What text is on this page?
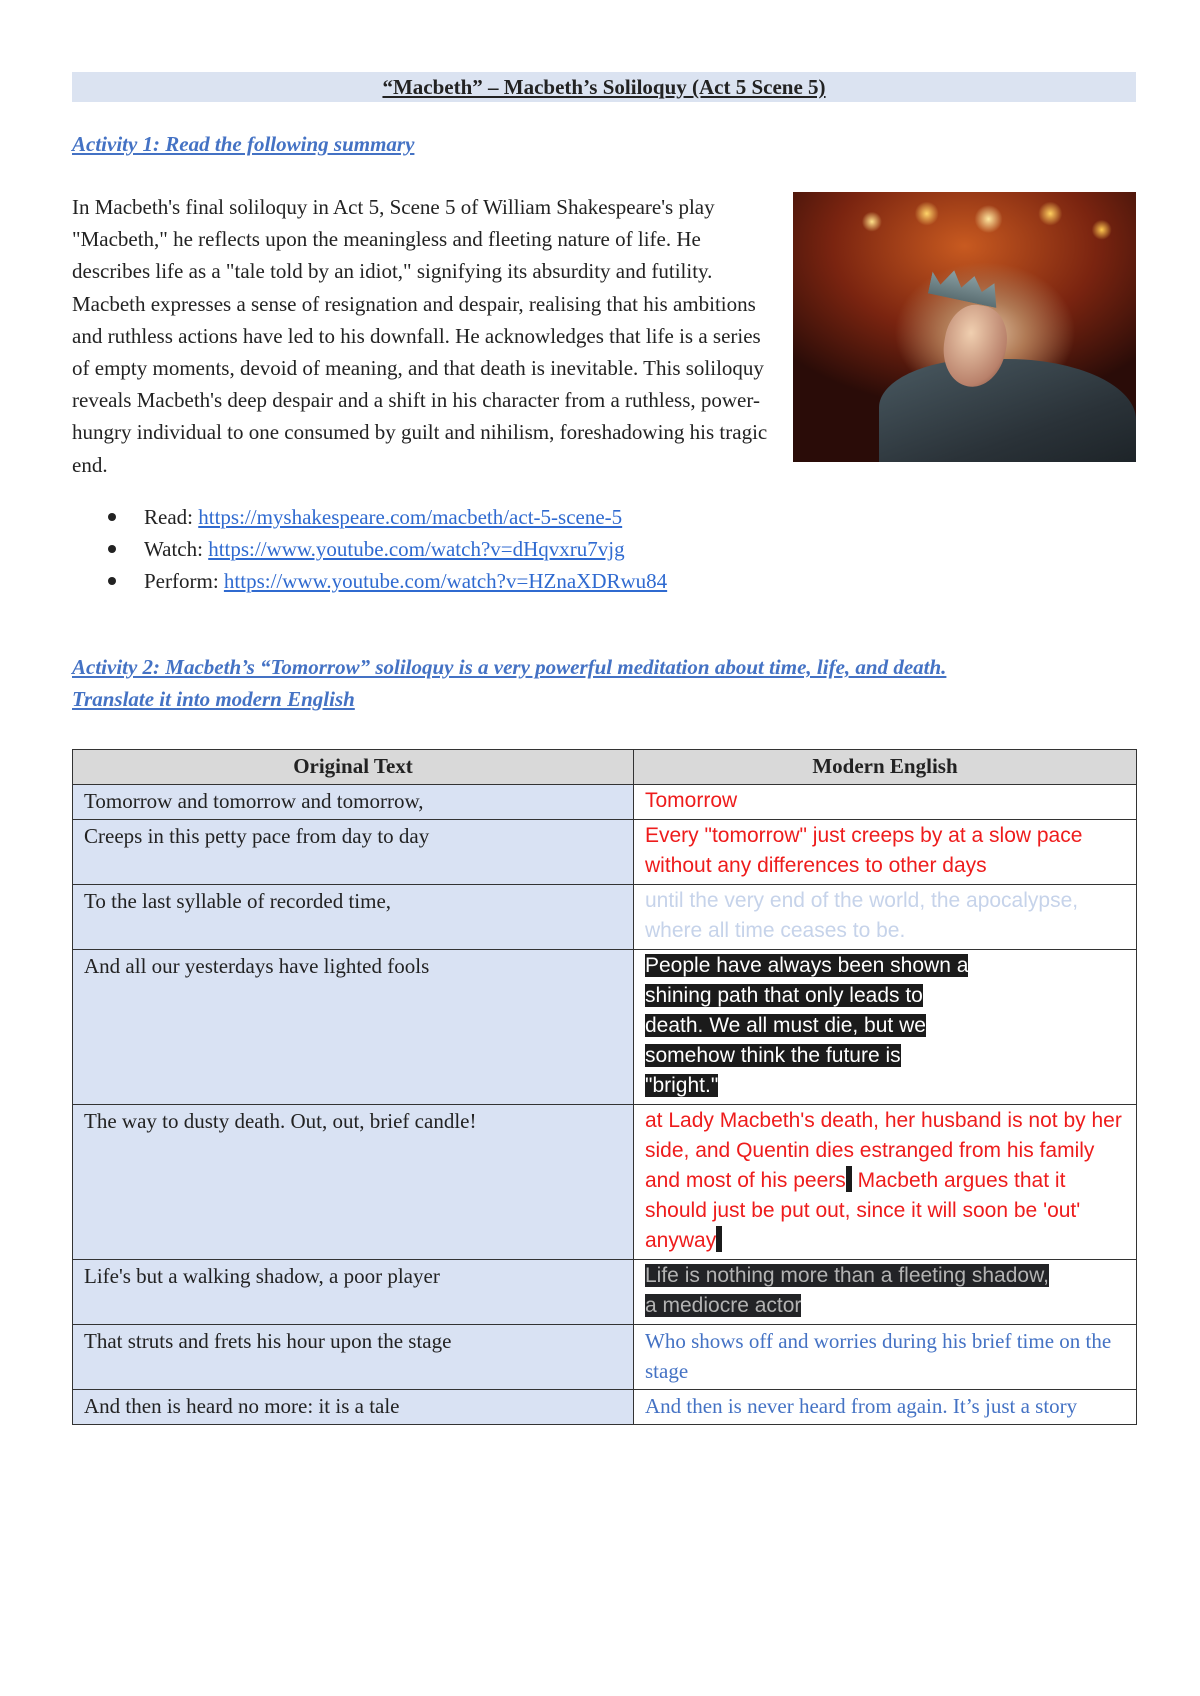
“Macbeth” – Macbeth’s Soliloquy (Act 5 Scene 5)
Activity 1: Read the following summary

In Macbeth's final soliloquy in Act 5, Scene 5 of William Shakespeare's play "Macbeth," he reflects upon the meaningless and fleeting nature of life. He describes life as a "tale told by an idiot," signifying its absurdity and futility. Macbeth expresses a sense of resignation and despair, realising that his ambitions and ruthless actions have led to his downfall. He acknowledges that life is a series of empty moments, devoid of meaning, and that death is inevitable. This soliloquy reveals Macbeth's deep despair and a shift in his character from a ruthless, power-hungry individual to one consumed by guilt and nihilism, foreshadowing his tragic end.

Read: https://myshakespeare.com/macbeth/act-5-scene-5
Watch: https://www.youtube.com/watch?v=dHqvxru7vjg
Perform: https://www.youtube.com/watch?v=HZnaXDRwu84
Activity 2: Macbeth’s “Tomorrow” soliloquy is a very powerful meditation about time, life, and death.
Translate it into modern English
Original Text	Modern English
Tomorrow and tomorrow and tomorrow,	Tomorrow
Creeps in this petty pace from day to day	Every "tomorrow" just creeps by at a slow pace without any differences to other days
To the last syllable of recorded time,	until the very end of the world, the apocalypse, where all time ceases to be.
And all our yesterdays have lighted fools	People have always been shown a
shining path that only leads to
death. We all must die, but we
somehow think the future is
"bright."
The way to dusty death. Out, out, brief candle!	at Lady Macbeth's death, her husband is not by her side, and Quentin dies estranged from his family and most of his peers Macbeth argues that it should just be put out, since it will soon be 'out' anyway
Life's but a walking shadow, a poor player	Life is nothing more than a fleeting shadow,
a mediocre actor
That struts and frets his hour upon the stage	Who shows off and worries during his brief time on the stage
And then is heard no more: it is a tale	And then is never heard from again. It’s just a story
